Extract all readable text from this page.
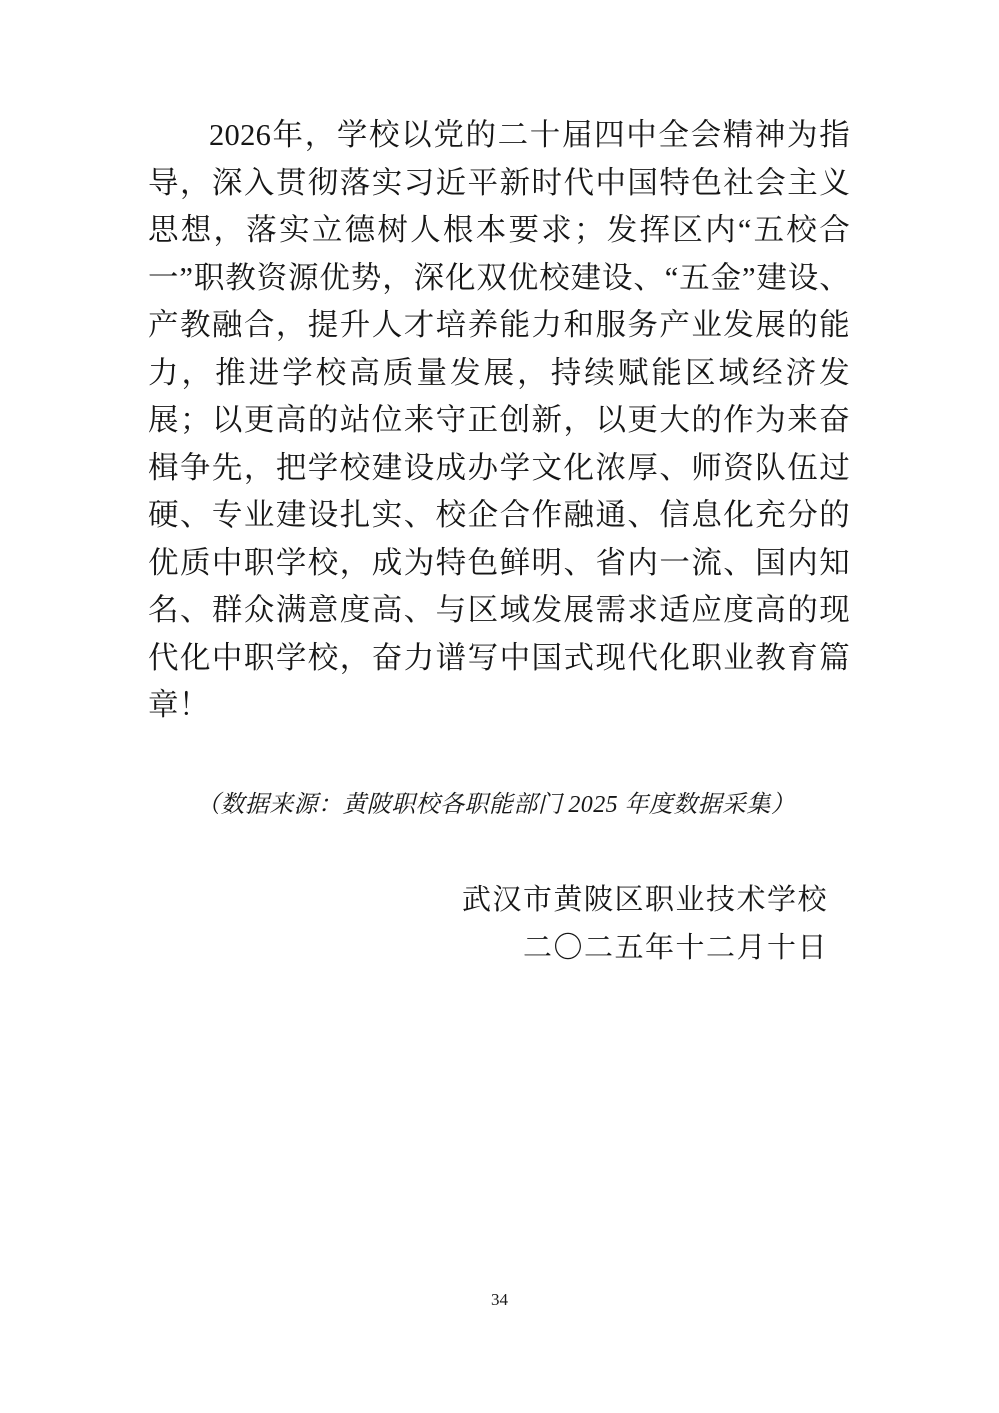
2026年，学校以党的二十届四中全会精神为指导，深入贯彻落实习近平新时代中国特色社会主义思想，落实立德树人根本要求；发挥区内“五校合一”职教资源优势，深化双优校建设、“五金”建设、产教融合，提升人才培养能力和服务产业发展的能力，推进学校高质量发展，持续赋能区域经济发展；以更高的站位来守正创新，以更大的作为来奋楫争先，把学校建设成办学文化浓厚、师资队伍过硬、专业建设扎实、校企合作融通、信息化充分的优质中职学校，成为特色鲜明、省内一流、国内知名、群众满意度高、与区域发展需求适应度高的现代化中职学校，奋力谱写中国式现代化职业教育篇章！

（数据来源：黄陂职校各职能部门 2025 年度数据采集）

武汉市黄陂区职业技术学校
二〇二五年十二月十日
34
